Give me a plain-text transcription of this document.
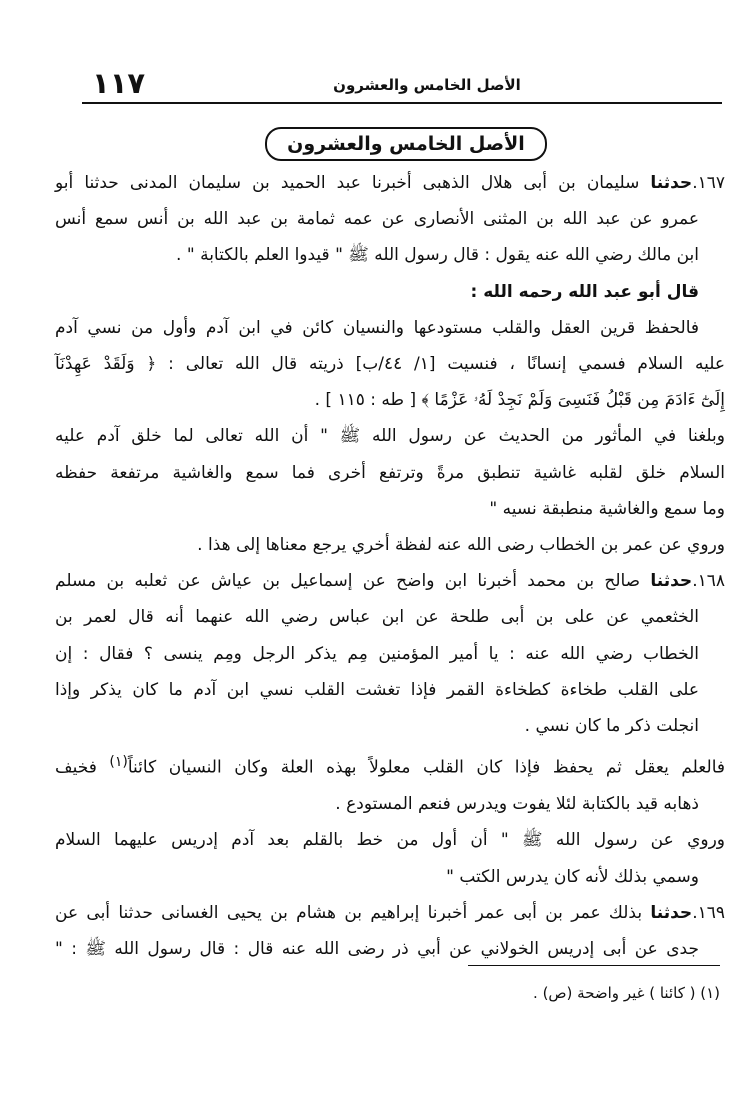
١١٧	الأصل الخامس والعشرون
الأصل الخامس والعشرون

١٦٧.حدثنا سليمان بن أبى هلال الذهبى أخبرنا عبد الحميد بن سليمان المدنى حدثنا أبو

عمرو عن عبد الله بن المثنى الأنصارى عن عمه ثمامة بن عبد الله بن أنس سمع أنس

ابن مالك رضي الله عنه يقول : قال رسول الله ﷺ " قيدوا العلم بالكتابة " .

قال أبو عبد الله رحمه الله :

فالحفظ قرين العقل والقلب مستودعها والنسيان كائن في ابن آدم وأول من نسي آدم

عليه السلام فسمي إنسانًا ، فنسيت [١/ ٤٤/ب] ذريته قال الله تعالى : ﴿ وَلَقَدْ عَهِدْنَآ

إِلَىٰٓ ءَادَمَ مِن قَبْلُ فَنَسِىَ وَلَمْ نَجِدْ لَهُۥ عَزْمًا ﴾ [ طه : ١١٥ ] .

وبلغنا في المأثور من الحديث عن رسول الله ﷺ " أن الله تعالى لما خلق آدم عليه

السلام خلق لقلبه غاشية تنطبق مرةً وترتفع أخرى فما سمع والغاشية مرتفعة حفظه

وما سمع والغاشية منطبقة نسيه "

وروي عن عمر بن الخطاب رضى الله عنه لفظة أخري يرجع معناها إلى هذا .

١٦٨.حدثنا صالح بن محمد أخبرنا ابن واضح عن إسماعيل بن عياش عن ثعلبه بن مسلم

الخثعمي عن على بن أبى طلحة عن ابن عباس رضي الله عنهما أنه قال لعمر بن

الخطاب رضي الله عنه : يا أمير المؤمنين مِم يذكر الرجل ومِم ينسى ؟ فقال : إن

على القلب طخاءة كطخاءة القمر فإذا تغشت القلب نسي ابن آدم ما كان يذكر وإذا

انجلت ذكر ما كان نسي .

فالعلم يعقل ثم يحفظ فإذا كان القلب معلولاً بهذه العلة وكان النسيان كائناً$^{(١)}$ فخيف

ذهابه قيد بالكتابة لئلا يفوت ويدرس فنعم المستودع .

وروي عن رسول الله ﷺ " أن أول من خط بالقلم بعد آدم إدريس عليهما السلام

وسمي بذلك لأنه كان يدرس الكتب "

١٦٩.حدثنا بذلك عمر بن أبى عمر أخبرنا إبراهيم بن هشام بن يحيى الغسانى حدثنا أبى عن

جدى عن أبى إدريس الخولاني عن أبي ذر رضى الله عنه قال : قال رسول الله ﷺ : "

(١) ( كائنا ) غير واضحة (ص) .
